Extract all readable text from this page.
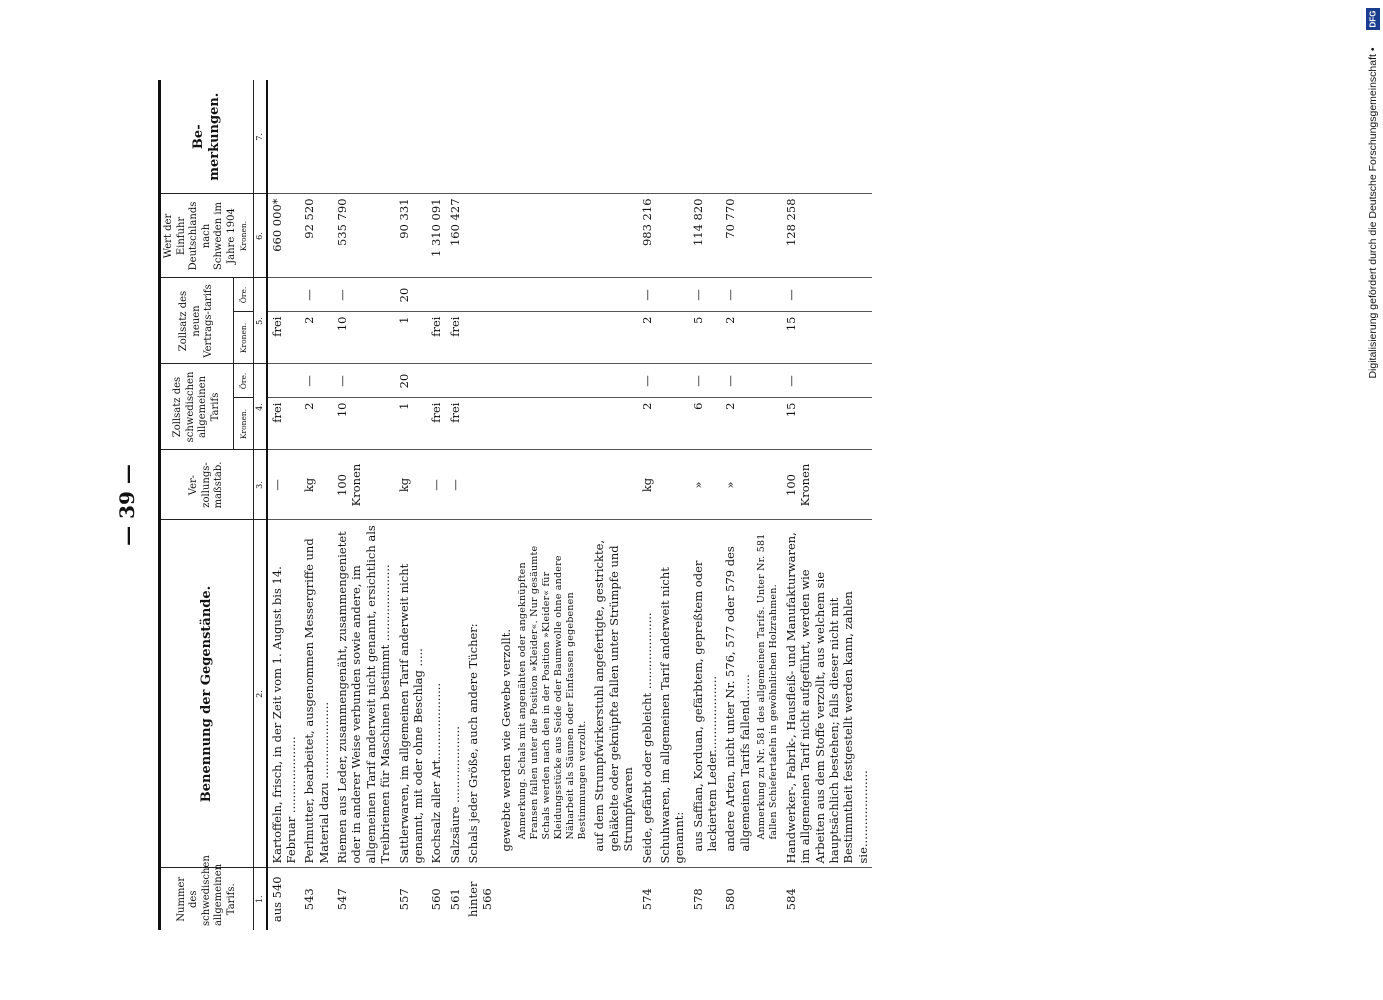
— 39 —
DFG
Digitalisierung gefördert durch die Deutsche Forschungsgemeinschaft •
Nummer des schwedischen allgemeinen Tarifs.	Benennung der Gegenstände.	Ver-zollungs-maßstab.	Zollsatz des schwedischen allgemeinen Tarifs		Zollsatz des neuen Vertrags-tarifs		Wert der Einfuhr Deutschlands nach Schweden im Jahre 1904 Kronen.	Be-merkungen.
			Kronen.	Öre.	Kronen.	Öre.		
1.	2.	3.	4.		5.		6.	7.
aus 540	Kartoffeln, frisch, in der Zeit vom 1. August bis 14. Februar .....................	—	frei		frei		660 000*	
543	Perlmutter, bearbeitet, ausgenommen Messergriffe und Material dazu .....................	kg	2	—	2	—	92 520	
547	Riemen aus Leder, zusammengenäht, zusammengenietet oder in anderer Weise verbunden sowie andere, im allgemeinen Tarif anderweit nicht genannt, ersichtlich als Treibriemen für Maschinen bestimmt .....................	100 Kronen	10	—	10	—	535 790	
557	Sattlerwaren, im allgemeinen Tarif anderweit nicht genannt, mit oder ohne Beschlag .....	kg	1	20	1	20	90 331	
560	Kochsalz aller Art.....................	—	frei		frei		1 310 091	
561	Salzsäure .....................	—	frei		frei		160 427	
hinter 566	Schals jeder Größe, auch andere Tücher:							
	gewebte werden wie Gewebe verzollt.							
	Anmerkung. Schals mit angenähten oder angeknüpften Fransen fallen unter die Position »Kleider«. Nur gesäumte Schals werden nach den in der Position »Kleider« für Kleidungsstücke aus Seide oder Baumwolle ohne andere Näharbeit als Säumen oder Einfassen gegebenen Bestimmungen verzollt.							
	auf dem Strumpfwirkerstuhl angefertigte, gestrickte, gehäkelte oder geknüpfte fallen unter Strümpfe und Strumpfwaren							
574	Seide, gefärbt oder gebleicht .....................	kg	2	—	2	—	983 216	
	Schuhwaren, im allgemeinen Tarif anderweit nicht genannt:							
578	aus Saffian, Korduan, gefärbtem, gepreßtem oder lackiertem Leder.....................	»	6	—	5	—	114 820	
580	andere Arten, nicht unter Nr. 576, 577 oder 579 des allgemeinen Tarifs fallend.......	»	2	—	2	—	70 770	
	Anmerkung zu Nr. 581 des allgemeinen Tarifs. Unter Nr. 581 fallen Schiefertafeln in gewöhnlichen Holzrahmen.							
584	Handwerker-, Fabrik-, Hausfleiß- und Manufakturwaren, im allgemeinen Tarif nicht aufgeführt, werden wie Arbeiten aus dem Stoffe verzollt, aus welchem sie hauptsächlich bestehen; falls dieser nicht mit Bestimmtheit festgestellt werden kann, zahlen sie.....................	100 Kronen	15	—	15	—	128 258	
